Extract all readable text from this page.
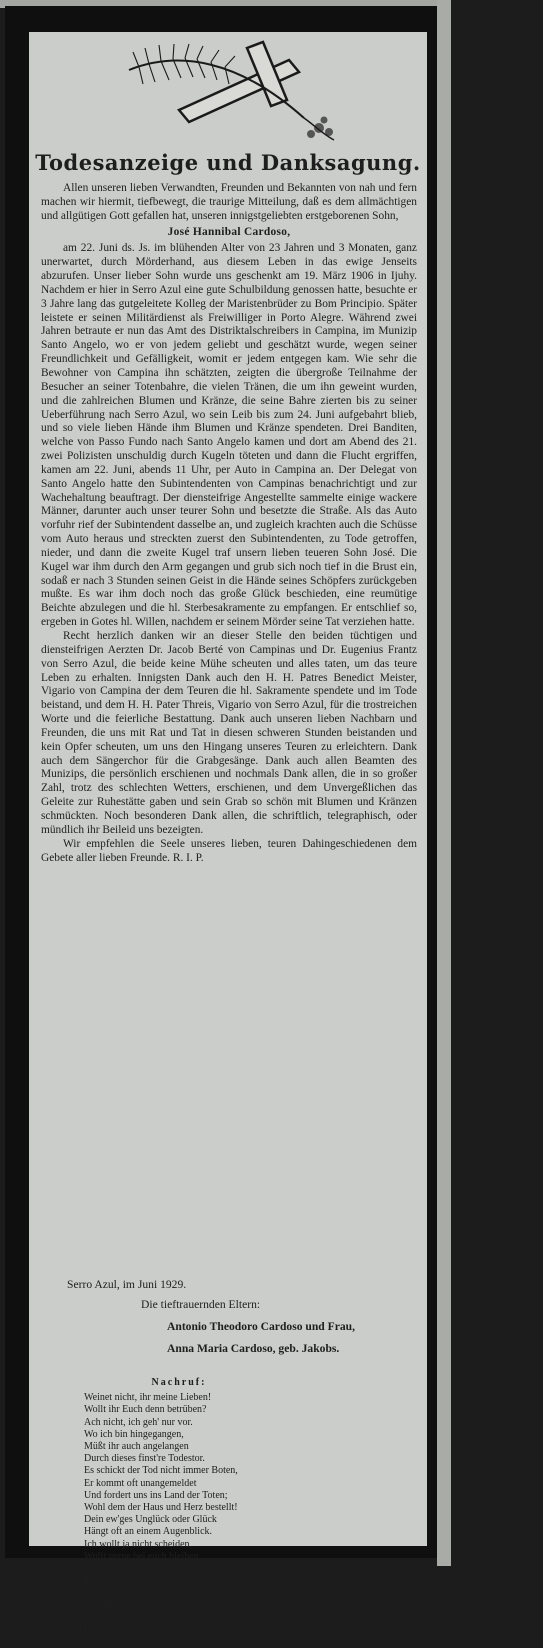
Todesanzeige und Danksagung.

Allen unseren lieben Verwandten, Freunden und Bekannten von nah und fern machen wir hiermit, tiefbewegt, die traurige Mitteilung, daß es dem allmächtigen und allgütigen Gott gefallen hat, unseren innigstgeliebten erstgeborenen Sohn,

José Hannibal Cardoso,

am 22. Juni ds. Js. im blühenden Alter von 23 Jahren und 3 Monaten, ganz unerwartet, durch Mörderhand, aus diesem Leben in das ewige Jenseits abzurufen. Unser lieber Sohn wurde uns geschenkt am 19. März 1906 in Ijuhy. Nachdem er hier in Serro Azul eine gute Schulbildung genossen hatte, besuchte er 3 Jahre lang das gutgeleitete Kolleg der Maristenbrüder zu Bom Principio. Später leistete er seinen Militärdienst als Freiwilliger in Porto Alegre. Während zwei Jahren betraute er nun das Amt des Distriktalschreibers in Campina, im Munizip Santo Angelo, wo er von jedem geliebt und geschätzt wurde, wegen seiner Freundlichkeit und Gefälligkeit, womit er jedem entgegen kam. Wie sehr die Bewohner von Campina ihn schätzten, zeigten die übergroße Teilnahme der Besucher an seiner Totenbahre, die vielen Tränen, die um ihn geweint wurden, und die zahlreichen Blumen und Kränze, die seine Bahre zierten bis zu seiner Ueberführung nach Serro Azul, wo sein Leib bis zum 24. Juni aufgebahrt blieb, und so viele lieben Hände ihm Blumen und Kränze spendeten. Drei Banditen, welche von Passo Fundo nach Santo Angelo kamen und dort am Abend des 21. zwei Polizisten unschuldig durch Kugeln töteten und dann die Flucht ergriffen, kamen am 22. Juni, abends 11 Uhr, per Auto in Campina an. Der Delegat von Santo Angelo hatte den Subintendenten von Campinas benachrichtigt und zur Wachehaltung beauftragt. Der diensteifrige Angestellte sammelte einige wackere Männer, darunter auch unser teurer Sohn und besetzte die Straße. Als das Auto vorfuhr rief der Subintendent dasselbe an, und zugleich krachten auch die Schüsse vom Auto heraus und streckten zuerst den Subintendenten, zu Tode getroffen, nieder, und dann die zweite Kugel traf unsern lieben teueren Sohn José. Die Kugel war ihm durch den Arm gegangen und grub sich noch tief in die Brust ein, sodaß er nach 3 Stunden seinen Geist in die Hände seines Schöpfers zurückgeben mußte. Es war ihm doch noch das große Glück beschieden, eine reumütige Beichte abzulegen und die hl. Sterbesakramente zu empfangen. Er entschlief so, ergeben in Gotes hl. Willen, nachdem er seinem Mörder seine Tat verziehen hatte.

Recht herzlich danken wir an dieser Stelle den beiden tüchtigen und diensteifrigen Aerzten Dr. Jacob Berté von Campinas und Dr. Eugenius Frantz von Serro Azul, die beide keine Mühe scheuten und alles taten, um das teure Leben zu erhalten. Innigsten Dank auch den H. H. Patres Benedict Meister, Vigario von Campina der dem Teuren die hl. Sakramente spendete und im Tode beistand, und dem H. H. Pater Threis, Vigario von Serro Azul, für die trostreichen Worte und die feierliche Bestattung. Dank auch unseren lieben Nachbarn und Freunden, die uns mit Rat und Tat in diesen schweren Stunden beistanden und kein Opfer scheuten, um uns den Hingang unseres Teuren zu erleichtern. Dank auch dem Sängerchor für die Grabgesänge. Dank auch allen Beamten des Munizips, die persönlich erschienen und nochmals Dank allen, die in so großer Zahl, trotz des schlechten Wetters, erschienen, und dem Unvergeßlichen das Geleite zur Ruhestätte gaben und sein Grab so schön mit Blumen und Kränzen schmückten. Noch besonderen Dank allen, die schriftlich, telegraphisch, oder mündlich ihr Beileid uns bezeigten.

Wir empfehlen die Seele unseres lieben, teuren Dahingeschiedenen dem Gebete aller lieben Freunde. R. I. P.

Serro Azul, im Juni 1929.
Die tieftrauernden Eltern:
Antonio Theodoro Cardoso und Frau,
Anna Maria Cardoso, geb. Jakobs.
Nachruf:
Weinet nicht, ihr meine Lieben!
Wollt ihr Euch denn betrüben?
Ach nicht, ich geh' nur vor.
Wo ich bin hingegangen,
Müßt ihr auch angelangen
Durch dieses finst're Todestor.
Es schickt der Tod nicht immer Boten,
Er kommt oft unangemeldet
Und fordert uns ins Land der Toten;
Wohl dem der Haus und Herz bestellt!
Dein ew'ges Unglück oder Glück
Hängt oft an einem Augenblick.
Ich wollt ja nicht scheiden,
Wollt gerne bei euch bleiben.
Hab mit dem Tod gerungen,
Er hat mich doch bezwungen
Eh' ich's bedacht,
Hat der Tod ein End gemacht
Drum schicket mir ein fromm Gebet,
Denn ich weiß nicht, wie ich vor Gott besteh'!
Ade, auf Wiedersehen.
